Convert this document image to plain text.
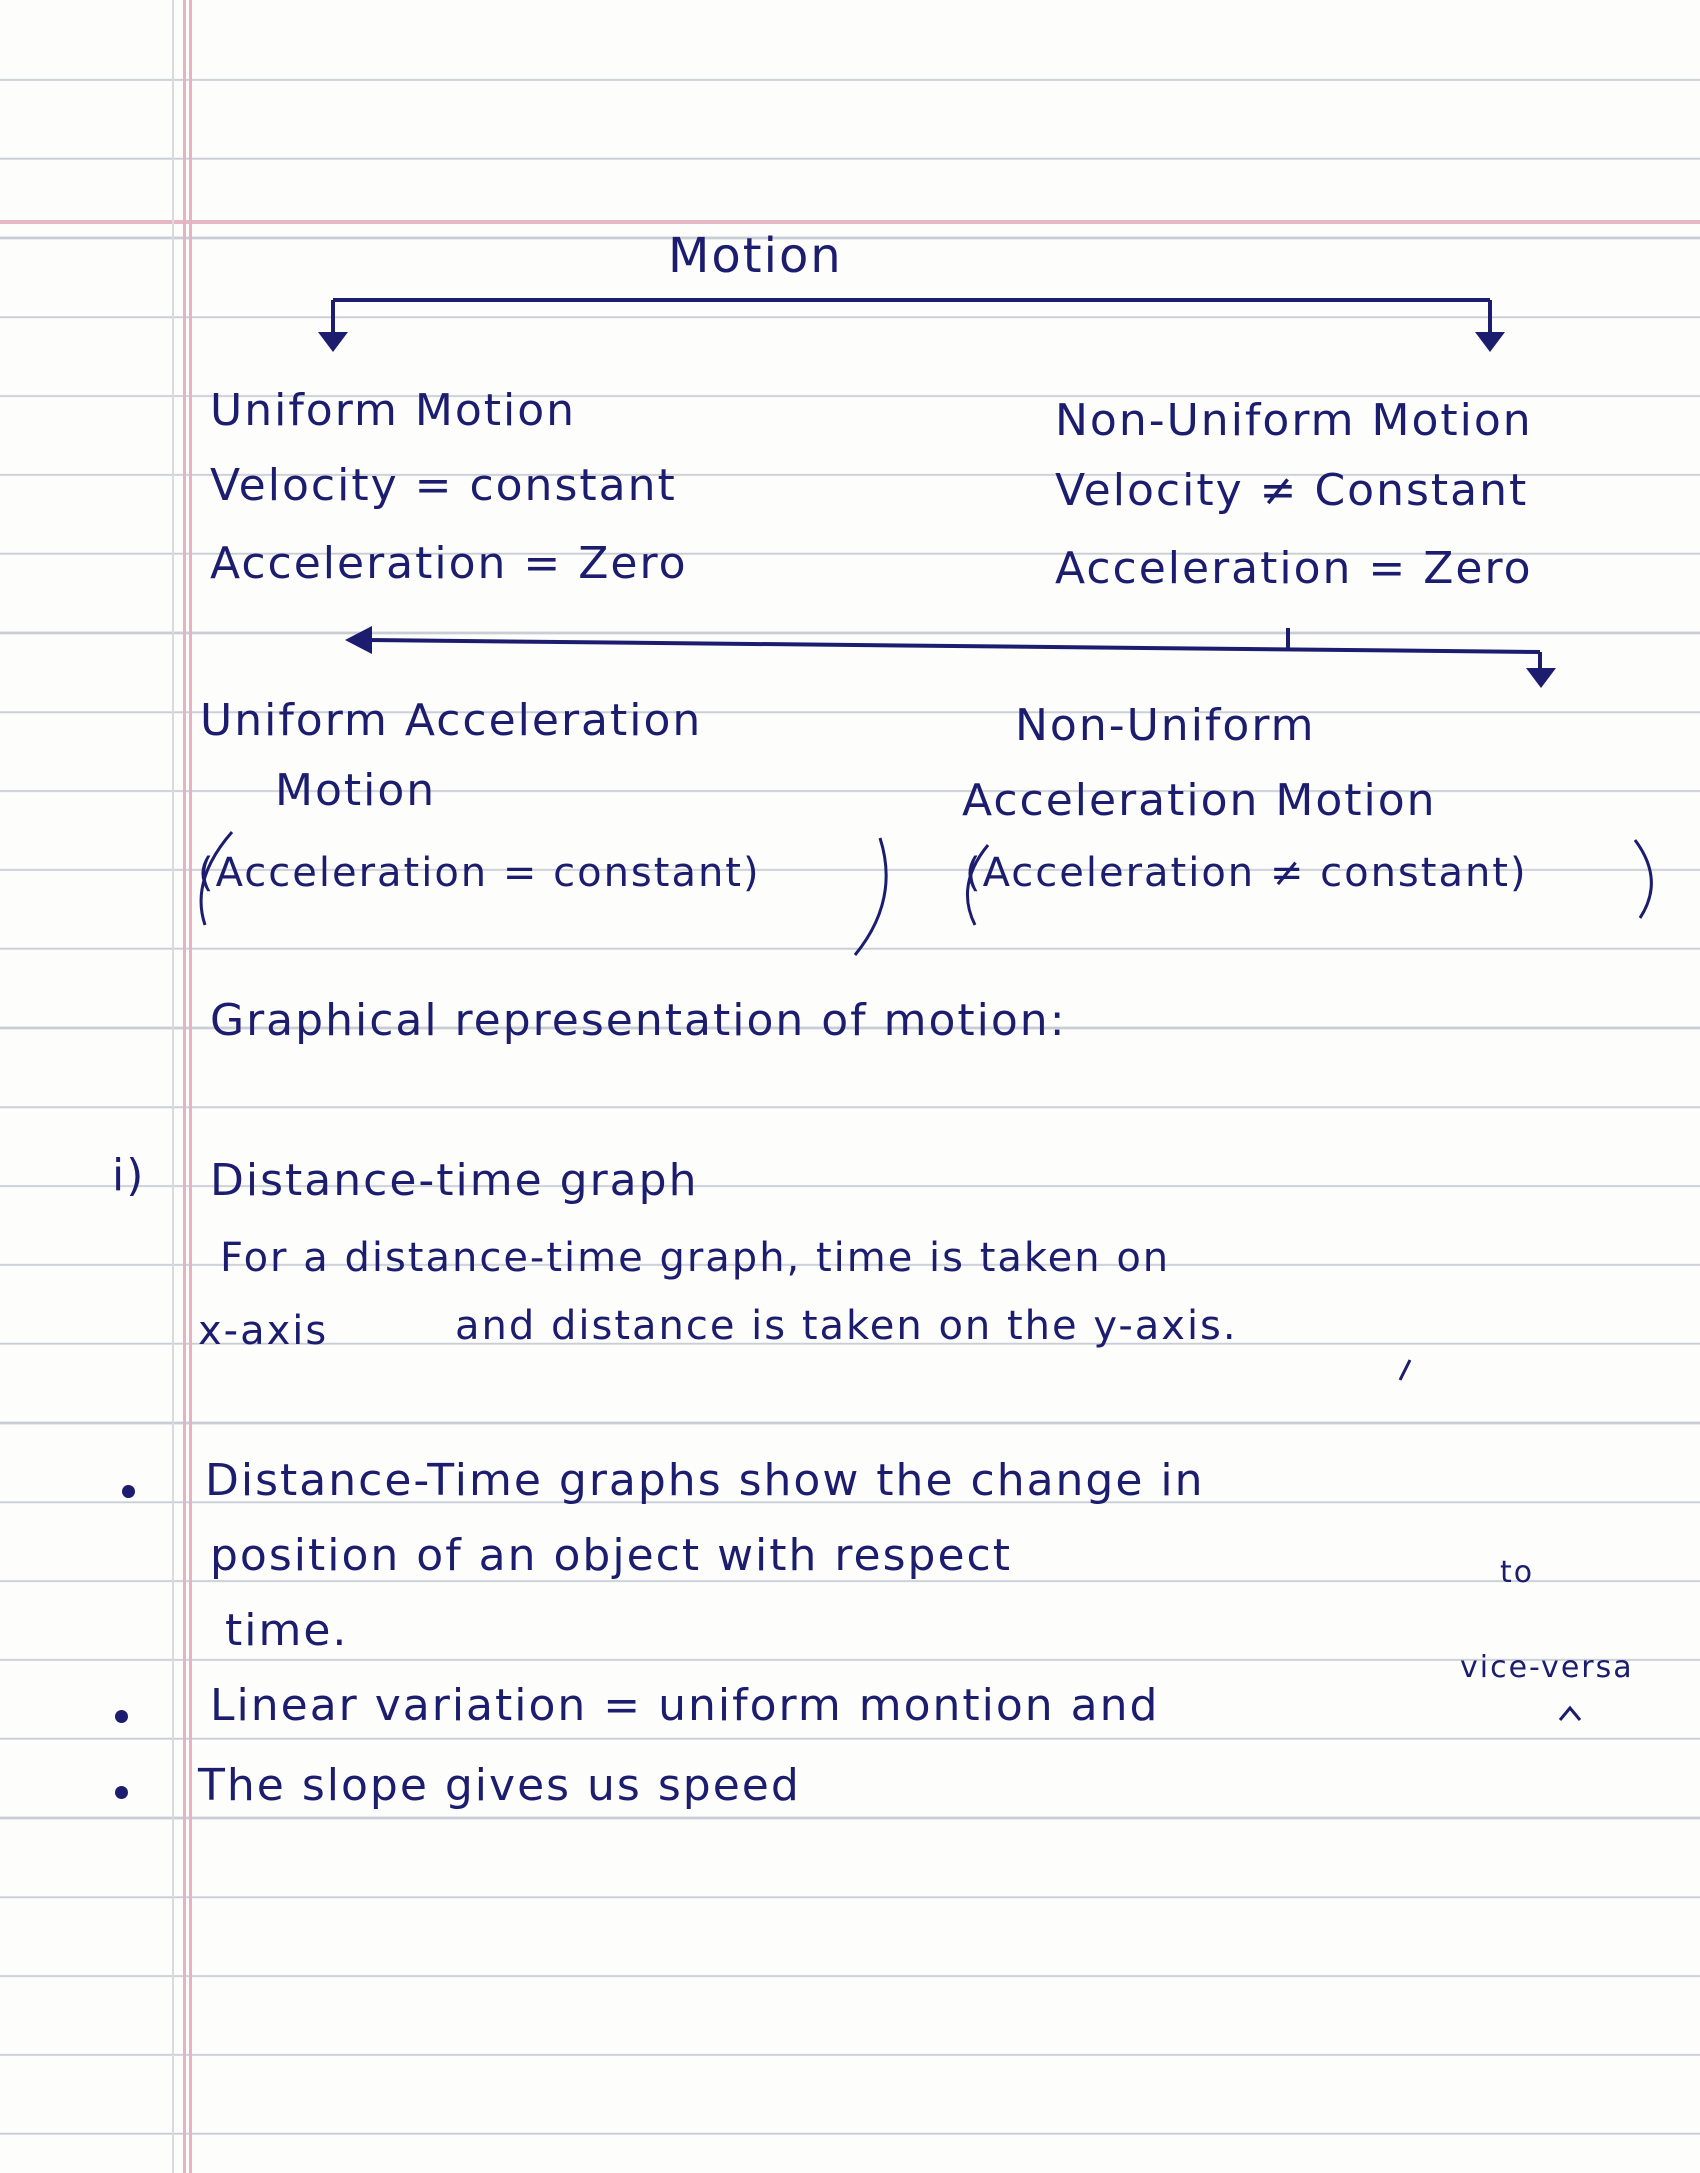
Motion

Uniform Motion

Velocity = constant

Acceleration = Zero

Non-Uniform Motion

Velocity ≠ Constant

Acceleration = Zero

Uniform Acceleration

Motion

(Acceleration = constant)

Non-Uniform

Acceleration Motion

(Acceleration ≠ constant)

Graphical representation of motion:

i) Distance-time graph

For a distance-time graph, time is taken on

x-axis	and distance is taken on the y-axis.

Distance-Time graphs show the change in

position of an object with respect	to

time.

vice-versa

Linear variation = uniform montion and

The slope gives us speed
